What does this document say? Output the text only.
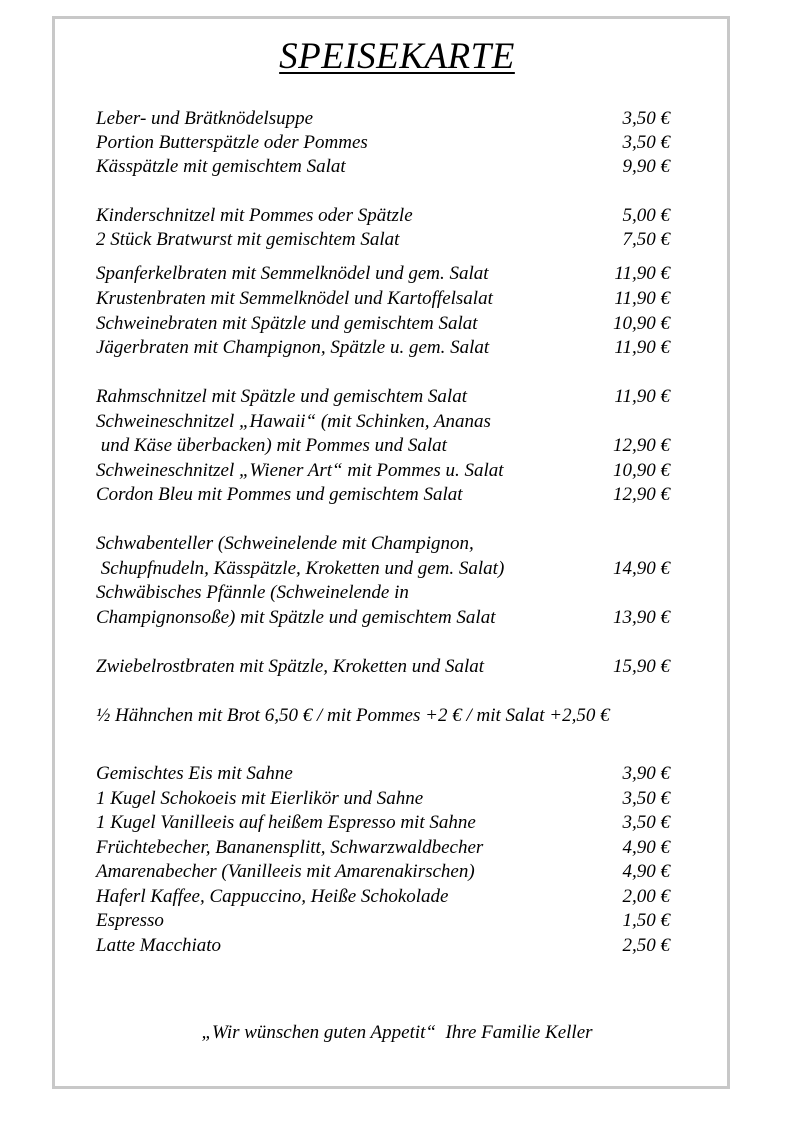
SPEISEKARTE
Leber- und Brätknödelsuppe	3,50 €
Portion Butterspätzle oder Pommes	3,50 €
Kässpätzle mit gemischtem Salat	9,90 €
Kinderschnitzel mit Pommes oder Spätzle	5,00 €
2 Stück Bratwurst mit gemischtem Salat	7,50 €
Spanferkelbraten mit Semmelknödel und gem. Salat	11,90 €
Krustenbraten mit Semmelknödel und Kartoffelsalat	11,90 €
Schweinebraten mit Spätzle und gemischtem Salat	10,90 €
Jägerbraten mit Champignon, Spätzle u. gem. Salat	11,90 €
Rahmschnitzel mit Spätzle und gemischtem Salat	11,90 €
Schweineschnitzel „Hawaii“ (mit Schinken, Ananas
und Käse überbacken) mit Pommes und Salat	12,90 €
Schweineschnitzel „Wiener Art“ mit Pommes u. Salat	10,90 €
Cordon Bleu mit Pommes und gemischtem Salat	12,90 €
Schwabenteller (Schweinelende mit Champignon,
Schupfnudeln, Kässpätzle, Kroketten und gem. Salat)	14,90 €
Schwäbisches Pfännle (Schweinelende in
Champignonsoße) mit Spätzle und gemischtem Salat	13,90 €
Zwiebelrostbraten mit Spätzle, Kroketten und Salat	15,90 €
½ Hähnchen mit Brot 6,50 € / mit Pommes +2 € / mit Salat +2,50 €
Gemischtes Eis mit Sahne	3,90 €
1 Kugel Schokoeis mit Eierlikör und Sahne	3,50 €
1 Kugel Vanilleeis auf heißem Espresso mit Sahne	3,50 €
Früchtebecher, Bananensplitt, Schwarzwaldbecher	4,90 €
Amarenabecher (Vanilleeis mit Amarenakirschen)	4,90 €
Haferl Kaffee, Cappuccino, Heiße Schokolade	2,00 €
Espresso	1,50 €
Latte Macchiato	2,50 €
„Wir wünschen guten Appetit“  Ihre Familie Keller
